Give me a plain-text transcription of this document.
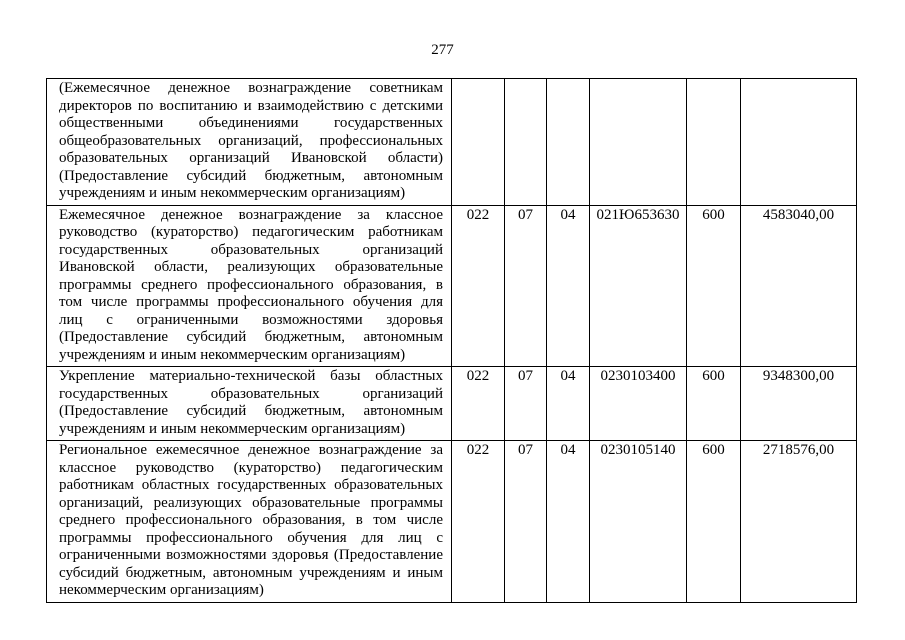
277
(Ежемесячное денежное вознаграждение советникам директоров по воспитанию и взаимодействию с детскими общественными объединениями государственных общеобразовательных организаций, профессиональных образовательных организаций Ивановской области) (Предоставление субсидий бюджетным, автономным учреждениям и иным некоммерческим организациям)						
Ежемесячное денежное вознаграждение за классное руководство (кураторство) педагогическим работникам государственных образовательных организаций Ивановской области, реализующих образовательные программы среднего профессионального образования, в том числе программы профессионального обучения для лиц с ограниченными возможностями здоровья (Предоставление субсидий бюджетным, автономным учреждениям и иным некоммерческим организациям)	022	07	04	021Ю653630	600	4583040,00
Укрепление материально-технической базы областных государственных образовательных организаций (Предоставление субсидий бюджетным, автономным учреждениям и иным некоммерческим организациям)	022	07	04	0230103400	600	9348300,00
Региональное ежемесячное денежное вознаграждение за классное руководство (кураторство) педагогическим работникам областных государственных образовательных организаций, реализующих образовательные программы среднего профессионального образования, в том числе программы профессионального обучения для лиц с ограниченными возможностями здоровья (Предоставление субсидий бюджетным, автономным учреждениям и иным некоммерческим организациям)	022	07	04	0230105140	600	2718576,00
